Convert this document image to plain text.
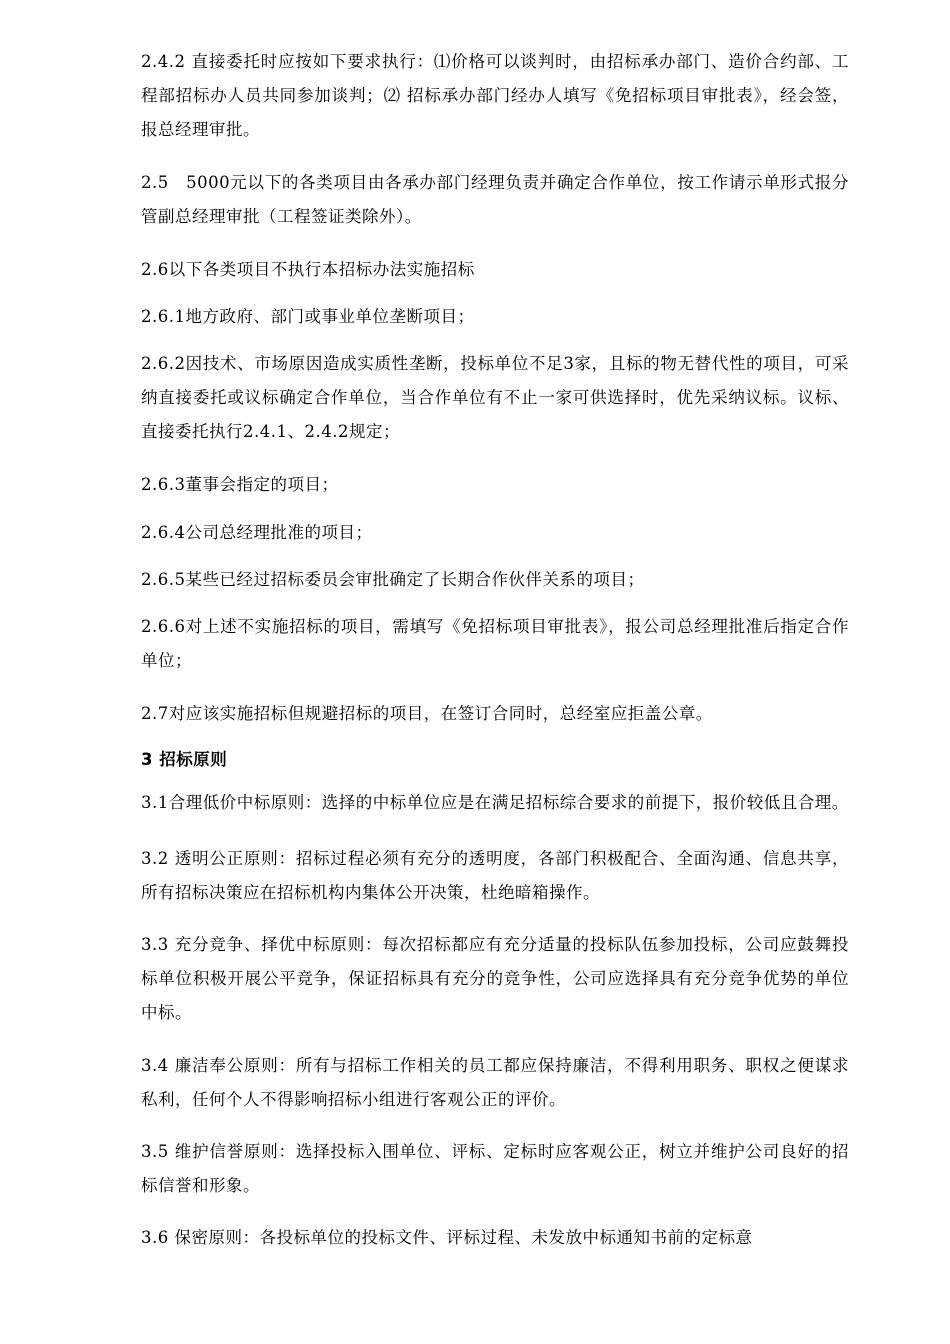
2.4.2 直接委托时应按如下要求执行：⑴价格可以谈判时，由招标承办部门、造价合约部、工程部招标办人员共同参加谈判；⑵ 招标承办部门经办人填写《免招标项目审批表》，经会签，报总经理审批。

2.5　5000元以下的各类项目由各承办部门经理负责并确定合作单位，按工作请示单形式报分管副总经理审批（工程签证类除外）。

2.6以下各类项目不执行本招标办法实施招标

2.6.1地方政府、部门或事业单位垄断项目；

2.6.2因技术、市场原因造成实质性垄断，投标单位不足3家，且标的物无替代性的项目，可采纳直接委托或议标确定合作单位，当合作单位有不止一家可供选择时，优先采纳议标。议标、直接委托执行2.4.1、2.4.2规定；

2.6.3董事会指定的项目；

2.6.4公司总经理批准的项目；

2.6.5某些已经过招标委员会审批确定了长期合作伙伴关系的项目；

2.6.6对上述不实施招标的项目，需填写《免招标项目审批表》，报公司总经理批准后指定合作单位；

2.7对应该实施招标但规避招标的项目，在签订合同时，总经室应拒盖公章。

3 招标原则

3.1合理低价中标原则：选择的中标单位应是在满足招标综合要求的前提下，报价较低且合理。

3.2 透明公正原则：招标过程必须有充分的透明度，各部门积极配合、全面沟通、信息共享，所有招标决策应在招标机构内集体公开决策，杜绝暗箱操作。

3.3 充分竞争、择优中标原则：每次招标都应有充分适量的投标队伍参加投标，公司应鼓舞投标单位积极开展公平竞争，保证招标具有充分的竞争性，公司应选择具有充分竞争优势的单位中标。

3.4 廉洁奉公原则：所有与招标工作相关的员工都应保持廉洁，不得利用职务、职权之便谋求私利，任何个人不得影响招标小组进行客观公正的评价。

3.5 维护信誉原则：选择投标入围单位、评标、定标时应客观公正，树立并维护公司良好的招标信誉和形象。

3.6 保密原则：各投标单位的投标文件、评标过程、未发放中标通知书前的定标意
